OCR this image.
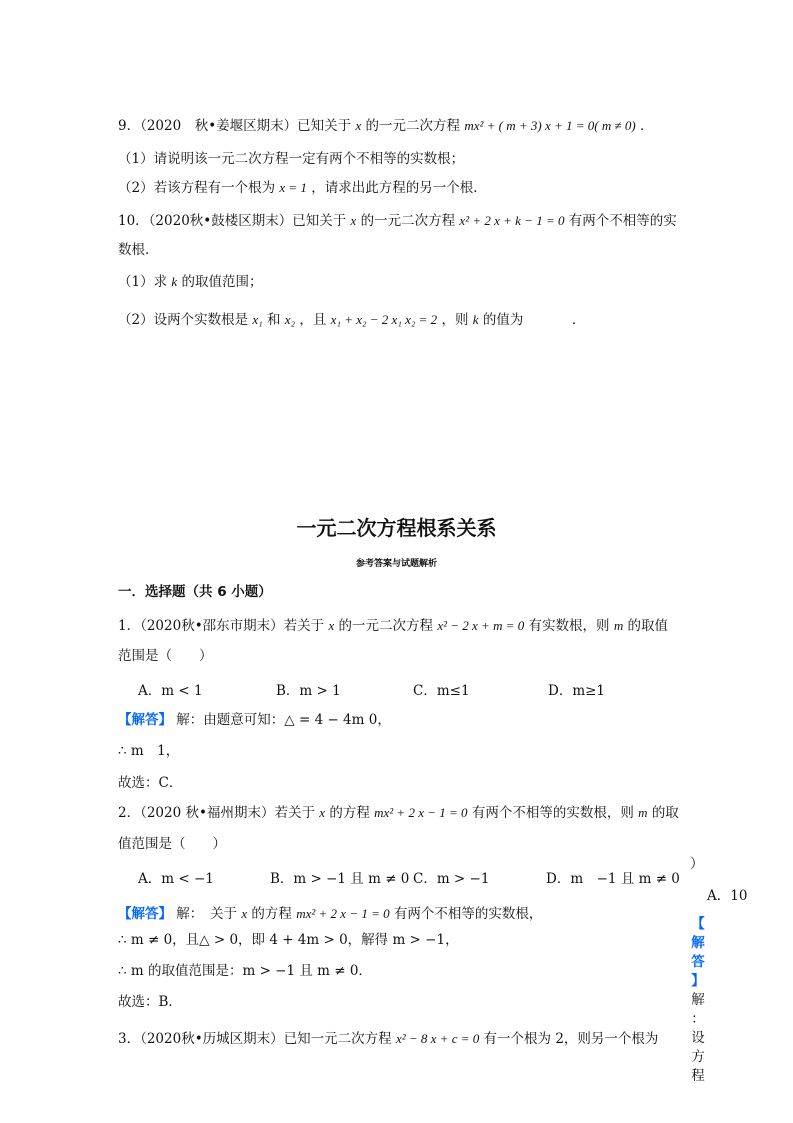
9．（2020　秋•姜堰区期末）已知关于 x 的一元二次方程 mx² + ( m + 3) x + 1 = 0( m ≠ 0) ．
（1）请说明该一元二次方程一定有两个不相等的实数根；
（2）若该方程有一个根为 x = 1 ，请求出此方程的另一个根．
10．（2020秋•鼓楼区期末）已知关于 x 的一元二次方程 x² + 2 x + k − 1 = 0 有两个不相等的实
数根．
（1）求 k 的取值范围；
（2）设两个实数根是 x₁ 和 x₂ ，且 x₁ + x₂ − 2 x₁ x₂ = 2 ，则 k 的值为	．
一元二次方程根系关系
参考答案与试题解析
一．选择题（共 6 小题）
1．（2020秋•邵东市期末）若关于 x 的一元二次方程 x² − 2 x + m = 0 有实数根，则 m 的取值
范围是（　　）
A．m < 1	B．m > 1	C．m≤1	D．m≥1
【解答】 解：由题意可知：△ = 4 − 4m 0，
∴ m　1，
故选：C．
2．（2020 秋•福州期末）若关于 x 的方程 mx² + 2 x − 1 = 0 有两个不相等的实数根，则 m 的取
值范围是（　　）
A．m < −1	B．m > −1 且 m ≠ 0 C．m > −1	D．m　−1 且 m ≠ 0
【解答】 解：　关于 x 的方程 mx² + 2 x − 1 = 0 有两个不相等的实数根，
∴ m ≠ 0，且△ > 0，即 4 + 4m > 0，解得 m > −1，
∴ m 的取值范围是：m > −1 且 m ≠ 0．
故选：B．
3．（2020秋•历城区期末）已知一元二次方程 x² − 8 x + c = 0 有一个根为 2，则另一个根为
）
A．10
【
解
答
】
解
：
设
方
程
